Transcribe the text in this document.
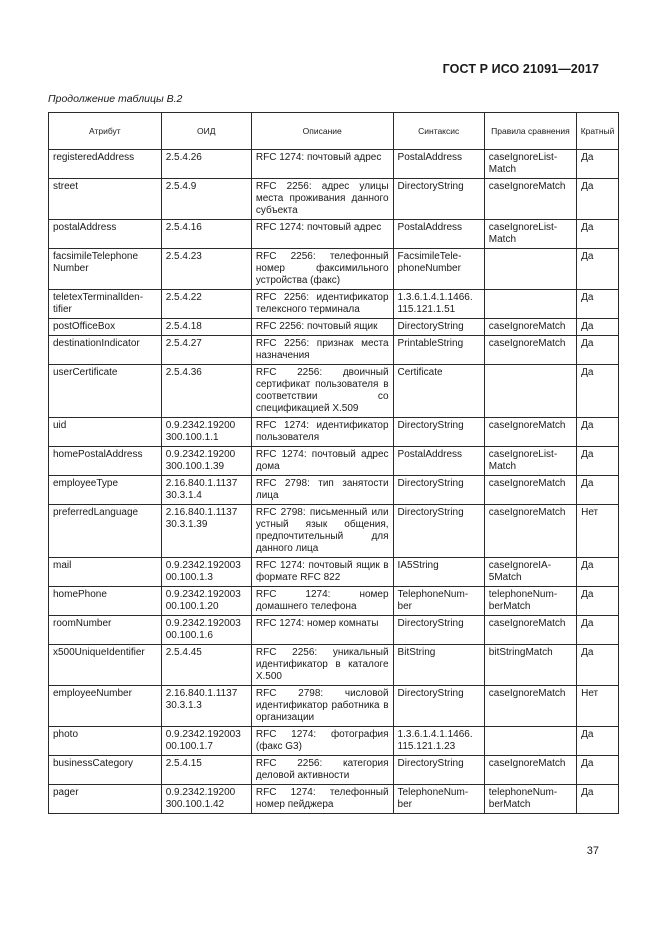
ГОСТ Р ИСО 21091—2017
Продолжение таблицы В.2
Атрибут	ОИД	Описание	Синтаксис	Правила сравнения	Кратный
registeredAddress	2.5.4.26	RFC 1274: почтовый адрес	PostalAddress	caseIgnoreList-Match	Да
street	2.5.4.9	RFC 2256: адрес улицы места проживания данного субъекта	DirectoryString	caseIgnoreMatch	Да
postalAddress	2.5.4.16	RFC 1274: почтовый адрес	PostalAddress	caseIgnoreList-Match	Да
facsimileTelephone Number	2.5.4.23	RFC 2256: телефонный номер факсимильного устройства (факс)	FacsimileTele-phoneNumber		Да
teletexTerminalIden-tifier	2.5.4.22	RFC 2256: идентификатор телексного терминала	1.3.6.1.4.1.1466. 115.121.1.51		Да
postOfficeBox	2.5.4.18	RFC 2256: почтовый ящик	DirectoryString	caseIgnoreMatch	Да
destinationIndicator	2.5.4.27	RFC 2256: признак места назначения	PrintableString	caseIgnoreMatch	Да
userCertificate	2.5.4.36	RFC 2256: двоичный сертификат пользователя в соответствии со спецификацией X.509	Certificate		Да
uid	0.9.2342.19200 300.100.1.1	RFC 1274: идентификатор пользователя	DirectoryString	caseIgnoreMatch	Да
homePostalAddress	0.9.2342.19200 300.100.1.39	RFC 1274: почтовый адрес дома	PostalAddress	caseIgnoreList-Match	Да
employeeType	2.16.840.1.1137 30.3.1.4	RFC 2798: тип занятости лица	DirectoryString	caseIgnoreMatch	Да
preferredLanguage	2.16.840.1.1137 30.3.1.39	RFC 2798: письменный или устный язык общения, предпочтительный для данного лица	DirectoryString	caseIgnoreMatch	Нет
mail	0.9.2342.192003 00.100.1.3	RFC 1274: почтовый ящик в формате RFC 822	IA5String	caseIgnoreIA-5Match	Да
homePhone	0.9.2342.192003 00.100.1.20	RFC 1274: номер домашнего телефона	TelephoneNum-ber	telephoneNum-berMatch	Да
roomNumber	0.9.2342.192003 00.100.1.6	RFC 1274: номер комнаты	DirectoryString	caseIgnoreMatch	Да
x500UniqueIdentifier	2.5.4.45	RFC 2256: уникальный идентификатор в каталоге X.500	BitString	bitStringMatch	Да
employeeNumber	2.16.840.1.1137 30.3.1.3	RFC 2798: числовой идентификатор работника в организации	DirectoryString	caseIgnoreMatch	Нет
photo	0.9.2342.192003 00.100.1.7	RFC 1274: фотография (факс G3)	1.3.6.1.4.1.1466. 115.121.1.23		Да
businessCategory	2.5.4.15	RFC 2256: категория деловой активности	DirectoryString	caseIgnoreMatch	Да
pager	0.9.2342.19200 300.100.1.42	RFC 1274: телефонный номер пейджера	TelephoneNum-ber	telephoneNum-berMatch	Да
37
